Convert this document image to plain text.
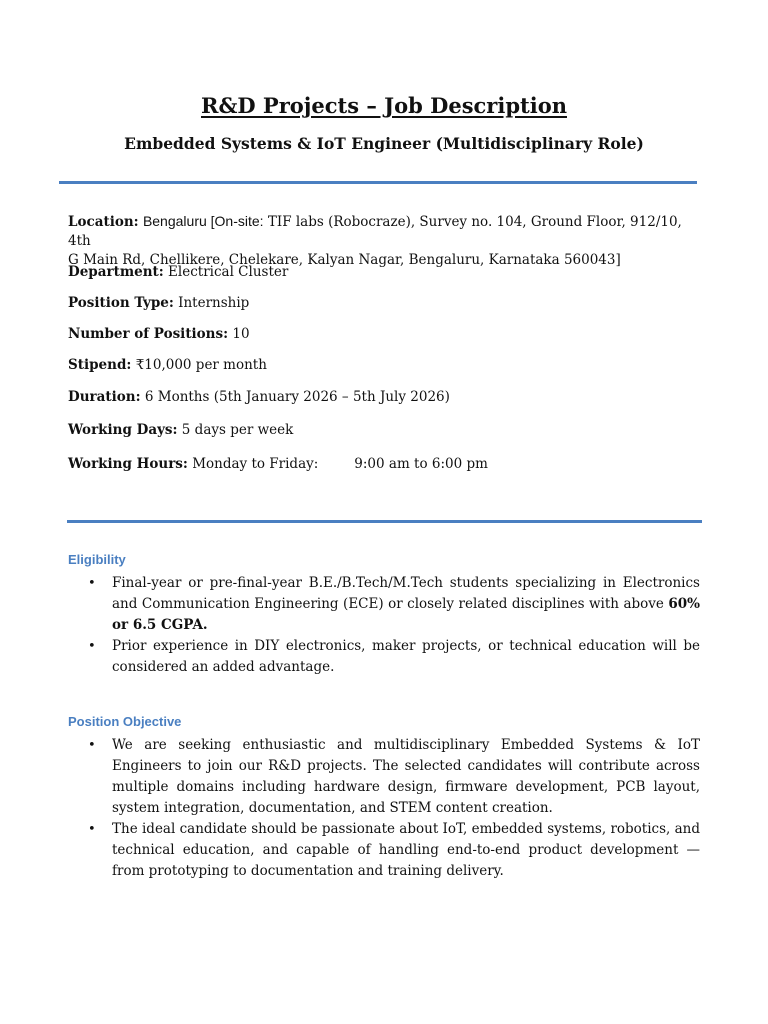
R&D Projects – Job Description
Embedded Systems & IoT Engineer (Multidisciplinary Role)
Location: Bengaluru [On-site: TIF labs (Robocraze), Survey no. 104, Ground Floor, 912/10, 4th
G Main Rd, Chellikere, Chelekare, Kalyan Nagar, Bengaluru, Karnataka 560043]
Department: Electrical Cluster
Position Type: Internship
Number of Positions: 10
Stipend: ₹10,000 per month
Duration: 6 Months (5th January 2026 – 5th July 2026)
Working Days: 5 days per week
Working Hours: Monday to Friday:	9:00 am to 6:00 pm
Eligibility
• Final-year or pre-final-year B.E./B.Tech/M.Tech students specializing in Electronics and Communication Engineering (ECE) or closely related disciplines with above 60% or 6.5 CGPA.
• Prior experience in DIY electronics, maker projects, or technical education will be considered an added advantage.
Position Objective
• We are seeking enthusiastic and multidisciplinary Embedded Systems & IoT Engineers to join our R&D projects. The selected candidates will contribute across multiple domains including hardware design, firmware development, PCB layout, system integration, documentation, and STEM content creation.
• The ideal candidate should be passionate about IoT, embedded systems, robotics, and technical education, and capable of handling end-to-end product development — from prototyping to documentation and training delivery.
